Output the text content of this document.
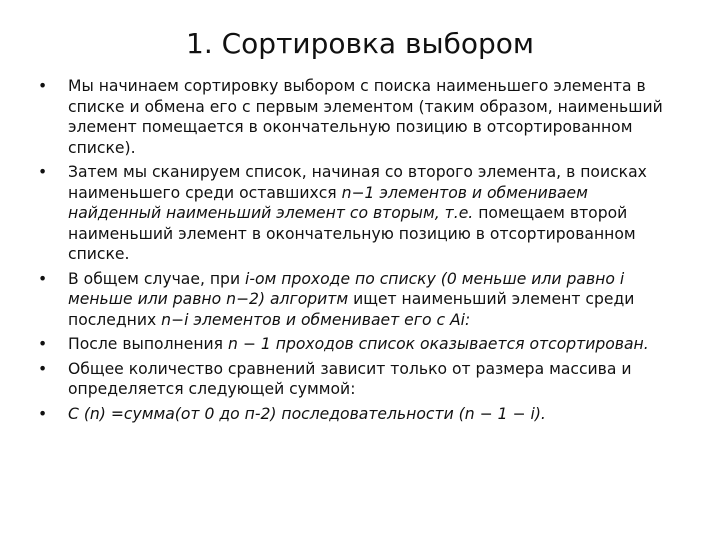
1. Сортировка выбором
•	Мы начинаем сортировку выбором с поиска наименьшего элемента в списке и обмена его с первым элементом (таким образом, наименьший элемент помещается в окончательную позицию в отсортированном списке).
•	Затем мы сканируем список, начиная со второго элемента, в поисках наименьшего среди оставшихся n−1 элементов и обмениваем найденный наименьший элемент со вторым, т.е. помещаем второй наименьший элемент в окончательную позицию в отсортированном списке.
•	В общем случае, при i-ом проходе по списку (0 меньше или равно i меньше или равно n−2) алгоритм ищет наименьший элемент среди последних n−i элементов и обменивает его с Ai:
•	После выполнения n − 1 проходов список оказывается отсортирован.
•	Общее количество сравнений зависит только от размера массива и определяется следующей суммой:
•	C (n) =сумма(от 0 до п-2) последовательности (n − 1 − i).
